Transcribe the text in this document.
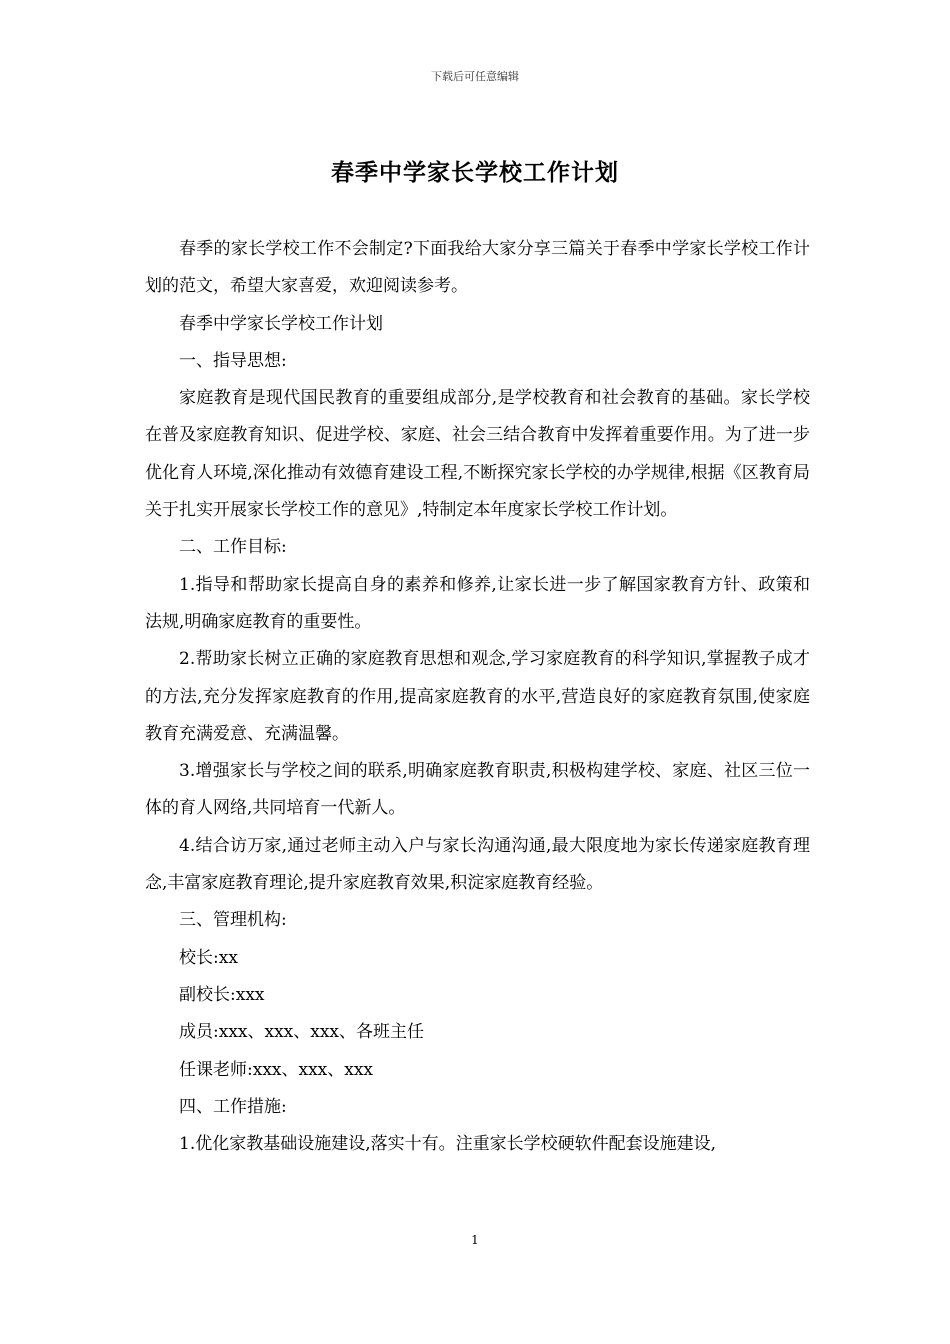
下载后可任意编辑
春季中学家长学校工作计划

春季的家长学校工作不会制定?下面我给大家分享三篇关于春季中学家长学校工作计划的范文，希望大家喜爱，欢迎阅读参考。

春季中学家长学校工作计划

一、指导思想:

家庭教育是现代国民教育的重要组成部分,是学校教育和社会教育的基础。家长学校在普及家庭教育知识、促进学校、家庭、社会三结合教育中发挥着重要作用。为了进一步优化育人环境,深化推动有效德育建设工程,不断探究家长学校的办学规律,根据《区教育局关于扎实开展家长学校工作的意见》,特制定本年度家长学校工作计划。

二、工作目标:

1.指导和帮助家长提高自身的素养和修养,让家长进一步了解国家教育方针、政策和法规,明确家庭教育的重要性。

2.帮助家长树立正确的家庭教育思想和观念,学习家庭教育的科学知识,掌握教子成才的方法,充分发挥家庭教育的作用,提高家庭教育的水平,营造良好的家庭教育氛围,使家庭教育充满爱意、充满温馨。

3.增强家长与学校之间的联系,明确家庭教育职责,积极构建学校、家庭、社区三位一体的育人网络,共同培育一代新人。

4.结合访万家,通过老师主动入户与家长沟通沟通,最大限度地为家长传递家庭教育理念,丰富家庭教育理论,提升家庭教育效果,积淀家庭教育经验。

三、管理机构:

校长:xx

副校长:xxx

成员:xxx、xxx、xxx、各班主任

任课老师:xxx、xxx、xxx

四、工作措施:

1.优化家教基础设施建设,落实十有。注重家长学校硬软件配套设施建设,

1
